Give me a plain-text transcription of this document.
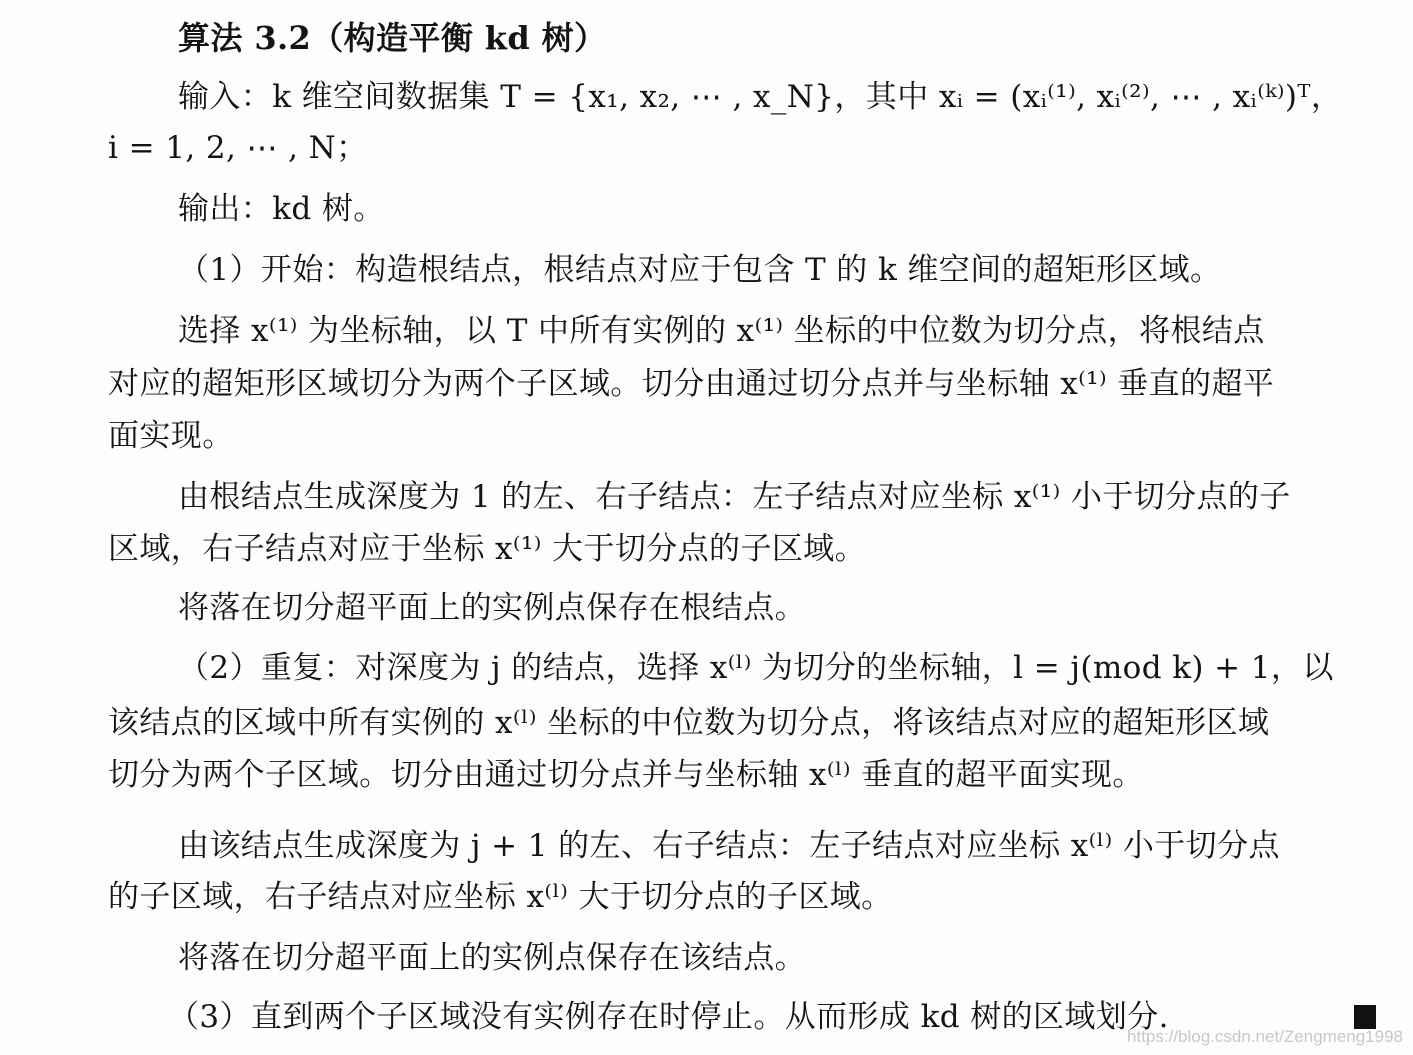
算法 3.2（构造平衡 kd 树）
输入：k 维空间数据集 T = {x₁, x₂, ⋯ , x_N}，其中 xᵢ = (xᵢ⁽¹⁾, xᵢ⁽²⁾, ⋯ , xᵢ⁽ᵏ⁾)ᵀ，
i = 1, 2, ⋯ , N；
输出：kd 树。
（1）开始：构造根结点，根结点对应于包含 T 的 k 维空间的超矩形区域。
选择 x⁽¹⁾ 为坐标轴，以 T 中所有实例的 x⁽¹⁾ 坐标的中位数为切分点，将根结点
对应的超矩形区域切分为两个子区域。切分由通过切分点并与坐标轴 x⁽¹⁾ 垂直的超平
面实现。
由根结点生成深度为 1 的左、右子结点：左子结点对应坐标 x⁽¹⁾ 小于切分点的子
区域，右子结点对应于坐标 x⁽¹⁾ 大于切分点的子区域。
将落在切分超平面上的实例点保存在根结点。
（2）重复：对深度为 j 的结点，选择 x⁽ˡ⁾ 为切分的坐标轴，l = j(mod k) + 1，以
该结点的区域中所有实例的 x⁽ˡ⁾ 坐标的中位数为切分点，将该结点对应的超矩形区域
切分为两个子区域。切分由通过切分点并与坐标轴 x⁽ˡ⁾ 垂直的超平面实现。
由该结点生成深度为 j + 1 的左、右子结点：左子结点对应坐标 x⁽ˡ⁾ 小于切分点
的子区域，右子结点对应坐标 x⁽ˡ⁾ 大于切分点的子区域。
将落在切分超平面上的实例点保存在该结点。
（3）直到两个子区域没有实例存在时停止。从而形成 kd 树的区域划分.
https://blog.csdn.net/Zengmeng1998
